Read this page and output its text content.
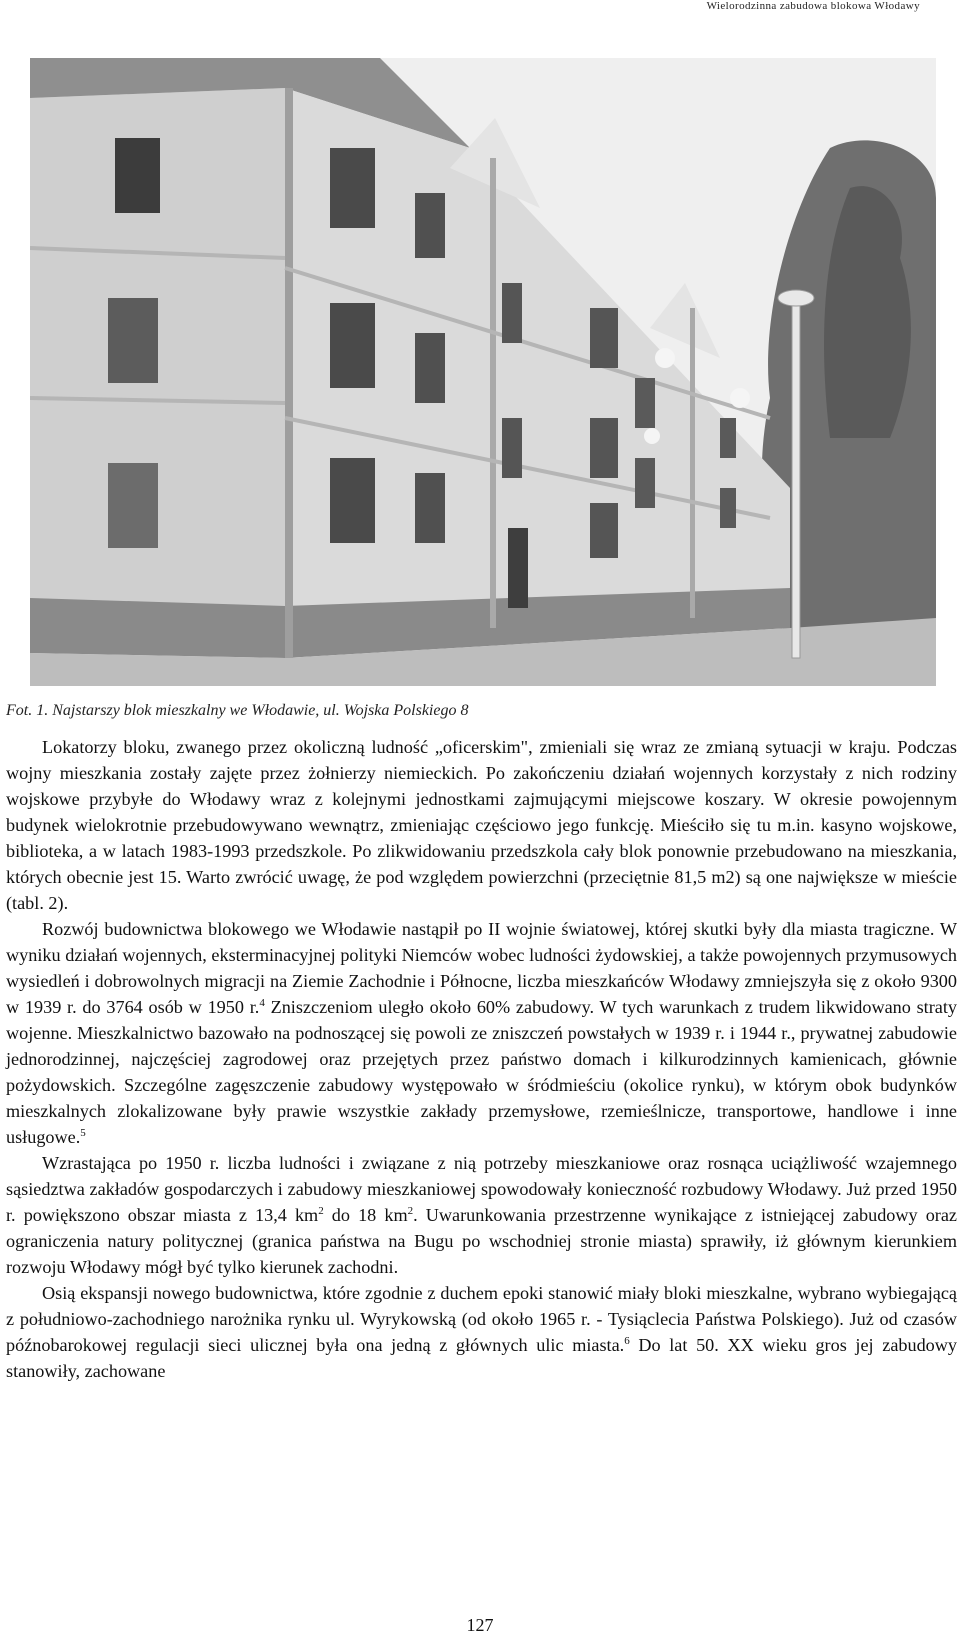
Wielorodzinna zabudowa blokowa Włodawy
Fot. 1. Najstarszy blok mieszkalny we Włodawie, ul. Wojska Polskiego 8

Lokatorzy bloku, zwanego przez okoliczną ludność „oficerskim", zmieniali się wraz ze zmianą sytuacji w kraju. Podczas wojny mieszkania zostały zajęte przez żołnierzy niemieckich. Po zakończeniu działań wojennych korzystały z nich rodziny wojskowe przybyłe do Włodawy wraz z kolejnymi jednostkami zajmującymi miejscowe koszary. W okresie powojennym budynek wielokrotnie przebudowywano wewnątrz, zmieniając częściowo jego funkcję. Mieściło się tu m.in. kasyno wojskowe, biblioteka, a w latach 1983-1993 przedszkole. Po zlikwidowaniu przedszkola cały blok ponownie przebudowano na mieszkania, których obecnie jest 15. Warto zwrócić uwagę, że pod względem powierzchni (przeciętnie 81,5 m2) są one największe w mieście (tabl. 2).

Rozwój budownictwa blokowego we Włodawie nastąpił po II wojnie światowej, której skutki były dla miasta tragiczne. W wyniku działań wojennych, eksterminacyjnej polityki Niemców wobec ludności żydowskiej, a także powojennych przymusowych wysiedleń i dobrowolnych migracji na Ziemie Zachodnie i Północne, liczba mieszkańców Włodawy zmniejszyła się z około 9300 w 1939 r. do 3764 osób w 1950 r.$^4$ Zniszczeniom uległo około 60% zabudowy. W tych warunkach z trudem likwidowano straty wojenne. Mieszkalnictwo bazowało na podnoszącej się powoli ze zniszczeń powstałych w 1939 r. i 1944 r., prywatnej zabudowie jednorodzinnej, najczęściej zagrodowej oraz przejętych przez państwo domach i kilkurodzinnych kamienicach, głównie pożydowskich. Szczególne zagęszczenie zabudowy występowało w śródmieściu (okolice rynku), w którym obok budynków mieszkalnych zlokalizowane były prawie wszystkie zakłady przemysłowe, rzemieślnicze, transportowe, handlowe i inne usługowe.$^5$

Wzrastająca po 1950 r. liczba ludności i związane z nią potrzeby mieszkaniowe oraz rosnąca uciążliwość wzajemnego sąsiedztwa zakładów gospodarczych i zabudowy mieszkaniowej spowodowały konieczność rozbudowy Włodawy. Już przed 1950 r. powiększono obszar miasta z 13,4 $km^2$ do 18 $km^2$. Uwarunkowania przestrzenne wynikające z istniejącej zabudowy oraz ograniczenia natury politycznej (granica państwa na Bugu po wschodniej stronie miasta) sprawiły, iż głównym kierunkiem rozwoju Włodawy mógł być tylko kierunek zachodni.

Osią ekspansji nowego budownictwa, które zgodnie z duchem epoki stanowić miały bloki mieszkalne, wybrano wybiegającą z południowo-zachodniego narożnika rynku ul. Wyrykowską (od około 1965 r. - Tysiąclecia Państwa Polskiego). Już od czasów późnobarokowej regulacji sieci ulicznej była ona jedną z głównych ulic miasta.$^6$ Do lat 50. XX wieku gros jej zabudowy stanowiły, zachowane

127
